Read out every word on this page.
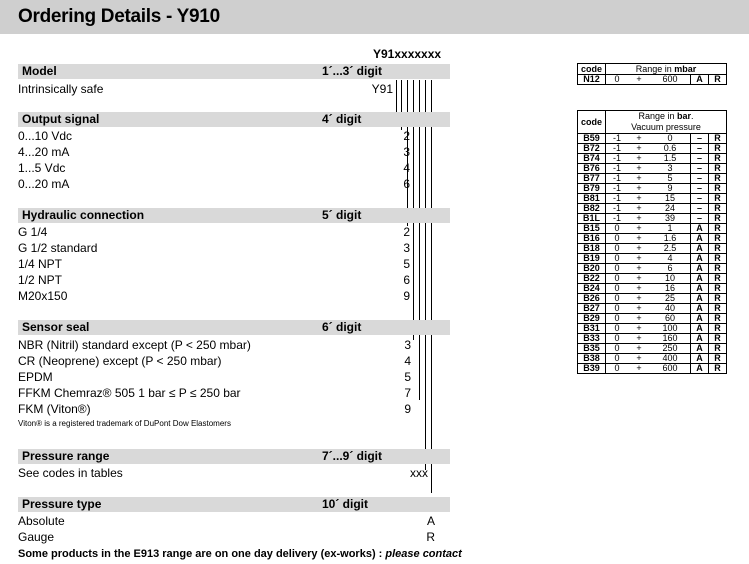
Ordering Details - Y910
Y91xxxxxxx
Model	1´...3´ digit
Intrinsically safe	Y91
Output signal	4´ digit
0...10 Vdc	2
4...20 mA	3
1...5 Vdc	4
0...20 mA	6
Hydraulic connection	5´ digit
G 1/4	2
G 1/2 standard	3
1/4 NPT	5
1/2 NPT	6
M20x150	9
Sensor seal	6´ digit
NBR (Nitril) standard except (P < 250 mbar)	3
CR (Neoprene) except (P < 250 mbar)	4
EPDM	5
FFKM Chemraz® 505 1 bar ≤ P ≤ 250 bar	7
FKM (Viton®)	9
Viton® is a registered trademark of DuPont Dow Elastomers
Pressure range	7´...9´ digit
See codes in tables	xxx
Pressure type	10´ digit
Absolute	A
Gauge	R
Some products in the E913 range are on one day delivery (ex-works) : please contact
code	Range in mbar				
N12	0	+	600	A	R
code	Range in bar.
Vacuum pressure				
B59	-1	+	0	–	R
B72	-1	+	0.6	–	R
B74	-1	+	1.5	–	R
B76	-1	+	3	–	R
B77	-1	+	5	–	R
B79	-1	+	9	–	R
B81	-1	+	15	–	R
B82	-1	+	24	–	R
B1L	-1	+	39	–	R
B15	0	+	1	A	R
B16	0	+	1.6	A	R
B18	0	+	2.5	A	R
B19	0	+	4	A	R
B20	0	+	6	A	R
B22	0	+	10	A	R
B24	0	+	16	A	R
B26	0	+	25	A	R
B27	0	+	40	A	R
B29	0	+	60	A	R
B31	0	+	100	A	R
B33	0	+	160	A	R
B35	0	+	250	A	R
B38	0	+	400	A	R
B39	0	+	600	A	R
